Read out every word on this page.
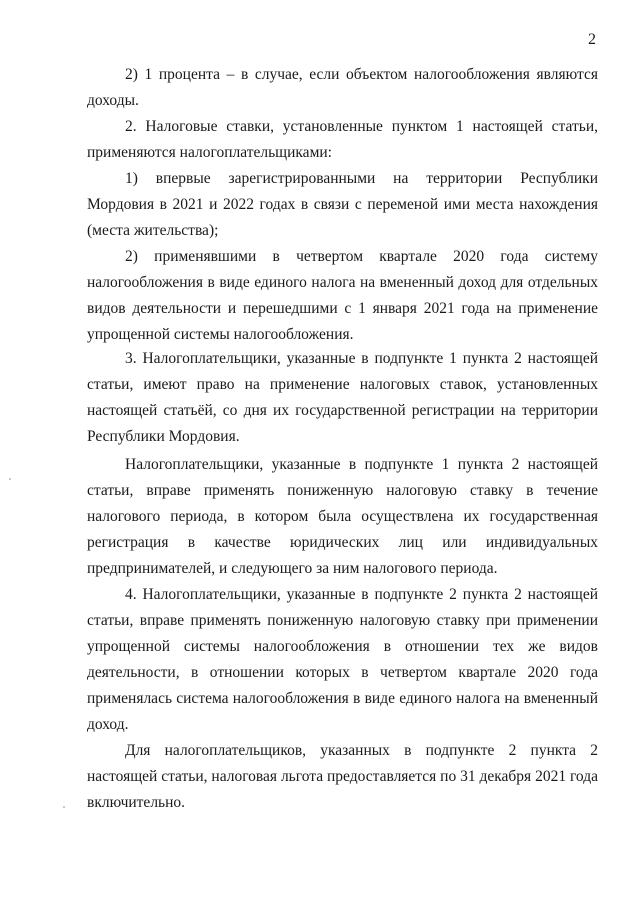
2

2) 1 процента – в случае, если объектом налогообложения являются доходы.

2. Налоговые ставки, установленные пунктом 1 настоящей статьи, применяются налогоплательщиками:

1) впервые зарегистрированными на территории Республики Мордовия в 2021 и 2022 годах в связи с переменой ими места нахождения (места жительства);

2) применявшими в четвертом квартале 2020 года систему налогообложения в виде единого налога на вмененный доход для отдельных видов деятельности и перешедшими с 1 января 2021 года на применение упрощенной системы налогообложения.

3. Налогоплательщики, указанные в подпункте 1 пункта 2 настоящей статьи, имеют право на применение налоговых ставок, установленных настоящей статьёй, со дня их государственной регистрации на территории Республики Мордовия.

Налогоплательщики, указанные в подпункте 1 пункта 2 настоящей статьи, вправе применять пониженную налоговую ставку в течение налогового периода, в котором была осуществлена их государственная регистрация в качестве юридических лиц или индивидуальных предпринимателей, и следующего за ним налогового периода.

4. Налогоплательщики, указанные в подпункте 2 пункта 2 настоящей статьи, вправе применять пониженную налоговую ставку при применении упрощенной системы налогообложения в отношении тех же видов деятельности, в отношении которых в четвертом квартале 2020 года применялась система налогообложения в виде единого налога на вмененный доход.

Для налогоплательщиков, указанных в подпункте 2 пункта 2 настоящей статьи, налоговая льгота предоставляется по 31 декабря 2021 года включительно.
